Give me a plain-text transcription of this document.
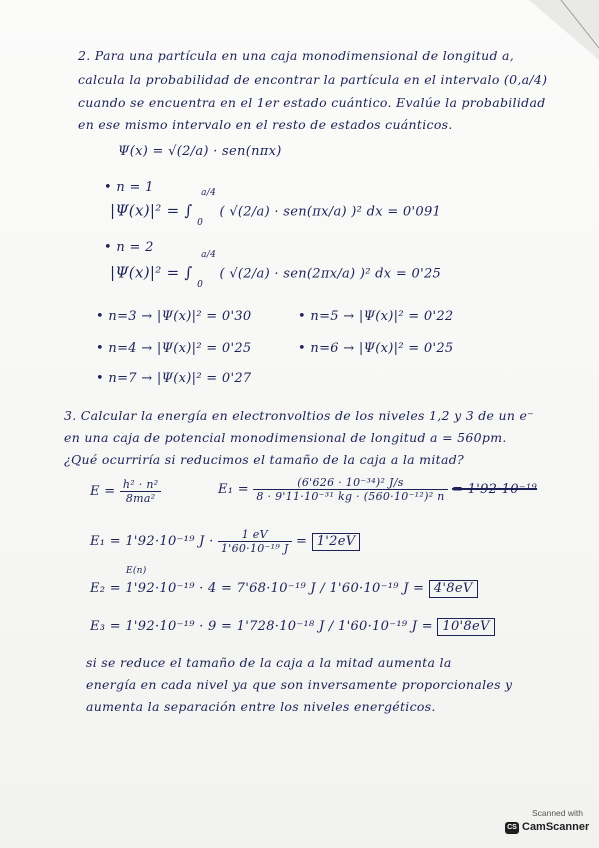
2. Para una partícula en una caja monodimensional de longitud a,
calcula la probabilidad de encontrar la partícula en el intervalo (0,a/4)
cuando se encuentra en el 1er estado cuántico. Evalúe la probabilidad
en ese mismo intervalo en el resto de estados cuánticos.
Ψ(x) = √(2/a) · sen(nπx)
• n = 1
|Ψ(x)|² = ∫
a/4
0
( √(2/a) · sen(πx/a) )² dx = 0'091
• n = 2
|Ψ(x)|² = ∫
a/4
0
( √(2/a) · sen(2πx/a) )² dx = 0'25
• n=3 → |Ψ(x)|² = 0'30	• n=5 → |Ψ(x)|² = 0'22
• n=4 → |Ψ(x)|² = 0'25	• n=6 → |Ψ(x)|² = 0'25
• n=7 → |Ψ(x)|² = 0'27
3. Calcular la energía en electronvoltios de los niveles 1,2 y 3 de un e⁻
en una caja de potencial monodimensional de longitud a = 560pm.
¿Qué ocurriría si reducimos el tamaño de la caja a la mitad?
$E = \frac{\text{h² · n²}}{\text{8ma²}}$	$E_1 = \frac{\text{(6'626 · 10⁻³⁴)² J/s}}{\text{8 · 9'11·10⁻³¹ kg · (560·10⁻¹²)² n}} = 1'92\cdot 10^{-19}$
E₁ = 1'92·10⁻¹⁹ $J \cdot \frac{1 eV}{\text{1'60·10⁻¹⁹ J}} = 1'2eV$
E(n)
E₂ = 1'92·10⁻¹⁹ · 4 = 7'68·10⁻¹⁹ J / 1'60·10⁻¹⁹ J = 4'8eV
E₃ = 1'92·10⁻¹⁹ · 9 = 1'728·10⁻¹⁸ J / 1'60·10⁻¹⁹ J = 10'8eV
si se reduce el tamaño de la caja a la mitad aumenta la
energía en cada nivel ya que son inversamente proporcionales y
aumenta la separación entre los niveles energéticos.
Scanned with
CS CamScanner
